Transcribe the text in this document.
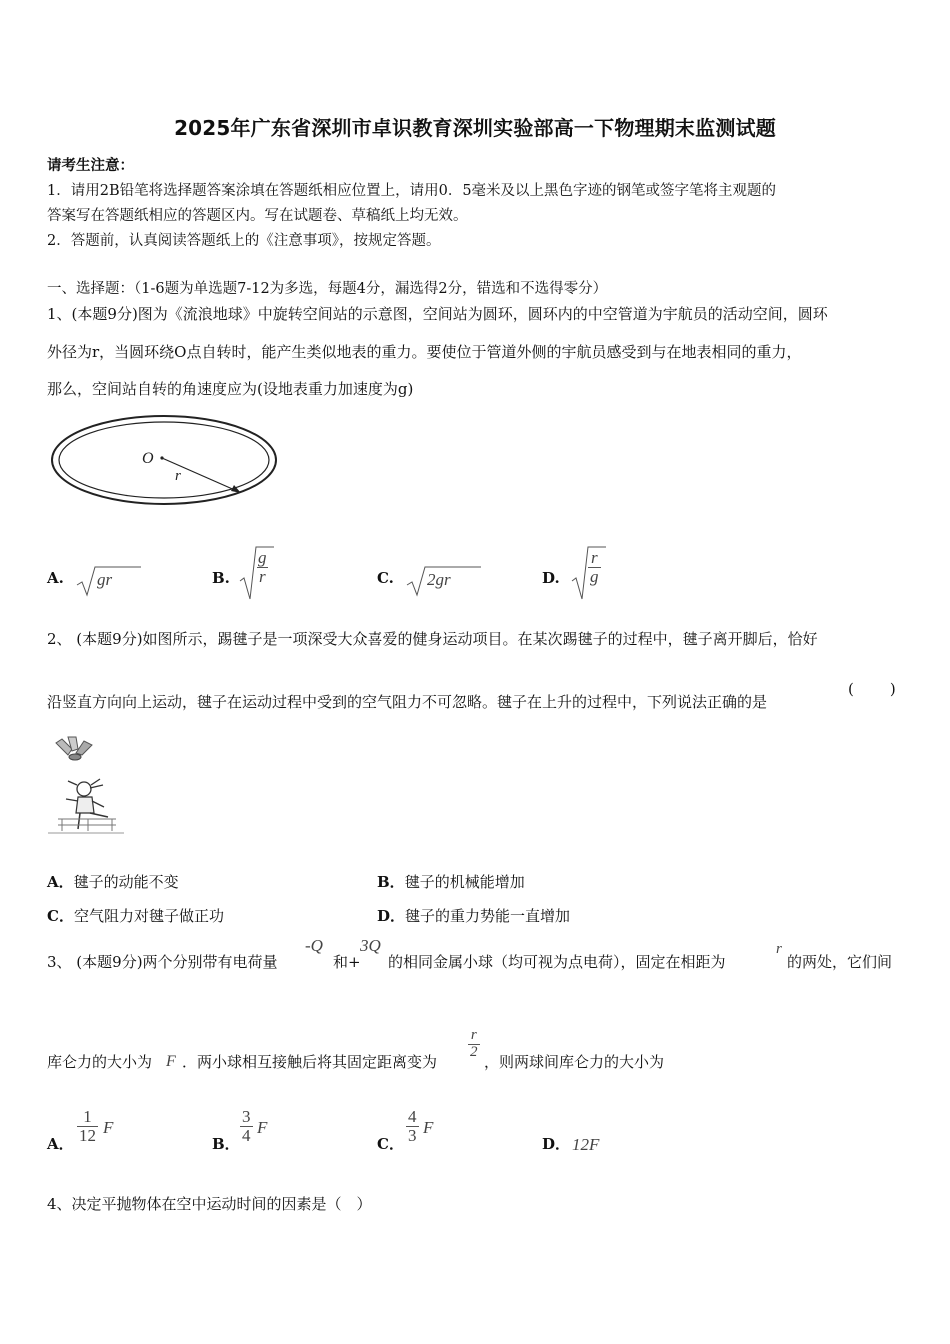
2025年广东省深圳市卓识教育深圳实验部高一下物理期末监测试题
请考生注意：
1．请用2B铅笔将选择题答案涂填在答题纸相应位置上，请用0．5毫米及以上黑色字迹的钢笔或签字笔将主观题的
答案写在答题纸相应的答题区内。写在试题卷、草稿纸上均无效。
2．答题前，认真阅读答题纸上的《注意事项》，按规定答题。
一、选择题：（1-6题为单选题7-12为多选，每题4分，漏选得2分，错选和不选得零分）
1、(本题9分)图为《流浪地球》中旋转空间站的示意图，空间站为圆环，圆环内的中空管道为宇航员的活动空间，圆环
外径为r，当圆环绕O点自转时，能产生类似地表的重力。要使位于管道外侧的宇航员感受到与在地表相同的重力，
那么，空间站自转的角速度应为(设地表重力加速度为g)
O
r
A. gr	B. $\frac{g}{r}$	C. 2gr	D. $\frac{r}{g}$
2、 (本题9分)如图所示，踢毽子是一项深受大众喜爱的健身运动项目。在某次踢毽子的过程中，毽子离开脚后，恰好
沿竖直方向向上运动，毽子在运动过程中受到的空气阻力不可忽略。毽子在上升的过程中，下列说法正确的是
(　　)
A．毽子的动能不变	B．毽子的机械能增加
C．空气阻力对毽子做正功	D．毽子的重力势能一直增加
3、 (本题9分)两个分别带有电荷量
-Q
和+
3Q
的相同金属小球（均可视为点电荷），固定在相距为
r
的两处，它们间
库仑力的大小为 F ．两小球相互接触后将其固定距离变为
$\frac{r}{2}$
，则两球间库仑力的大小为
A． $\frac{1}{12}$ F
B． $\frac{3}{4}$ F
C． $\frac{4}{3}$ F
D． 12F
4、决定平抛物体在空中运动时间的因素是（　）
